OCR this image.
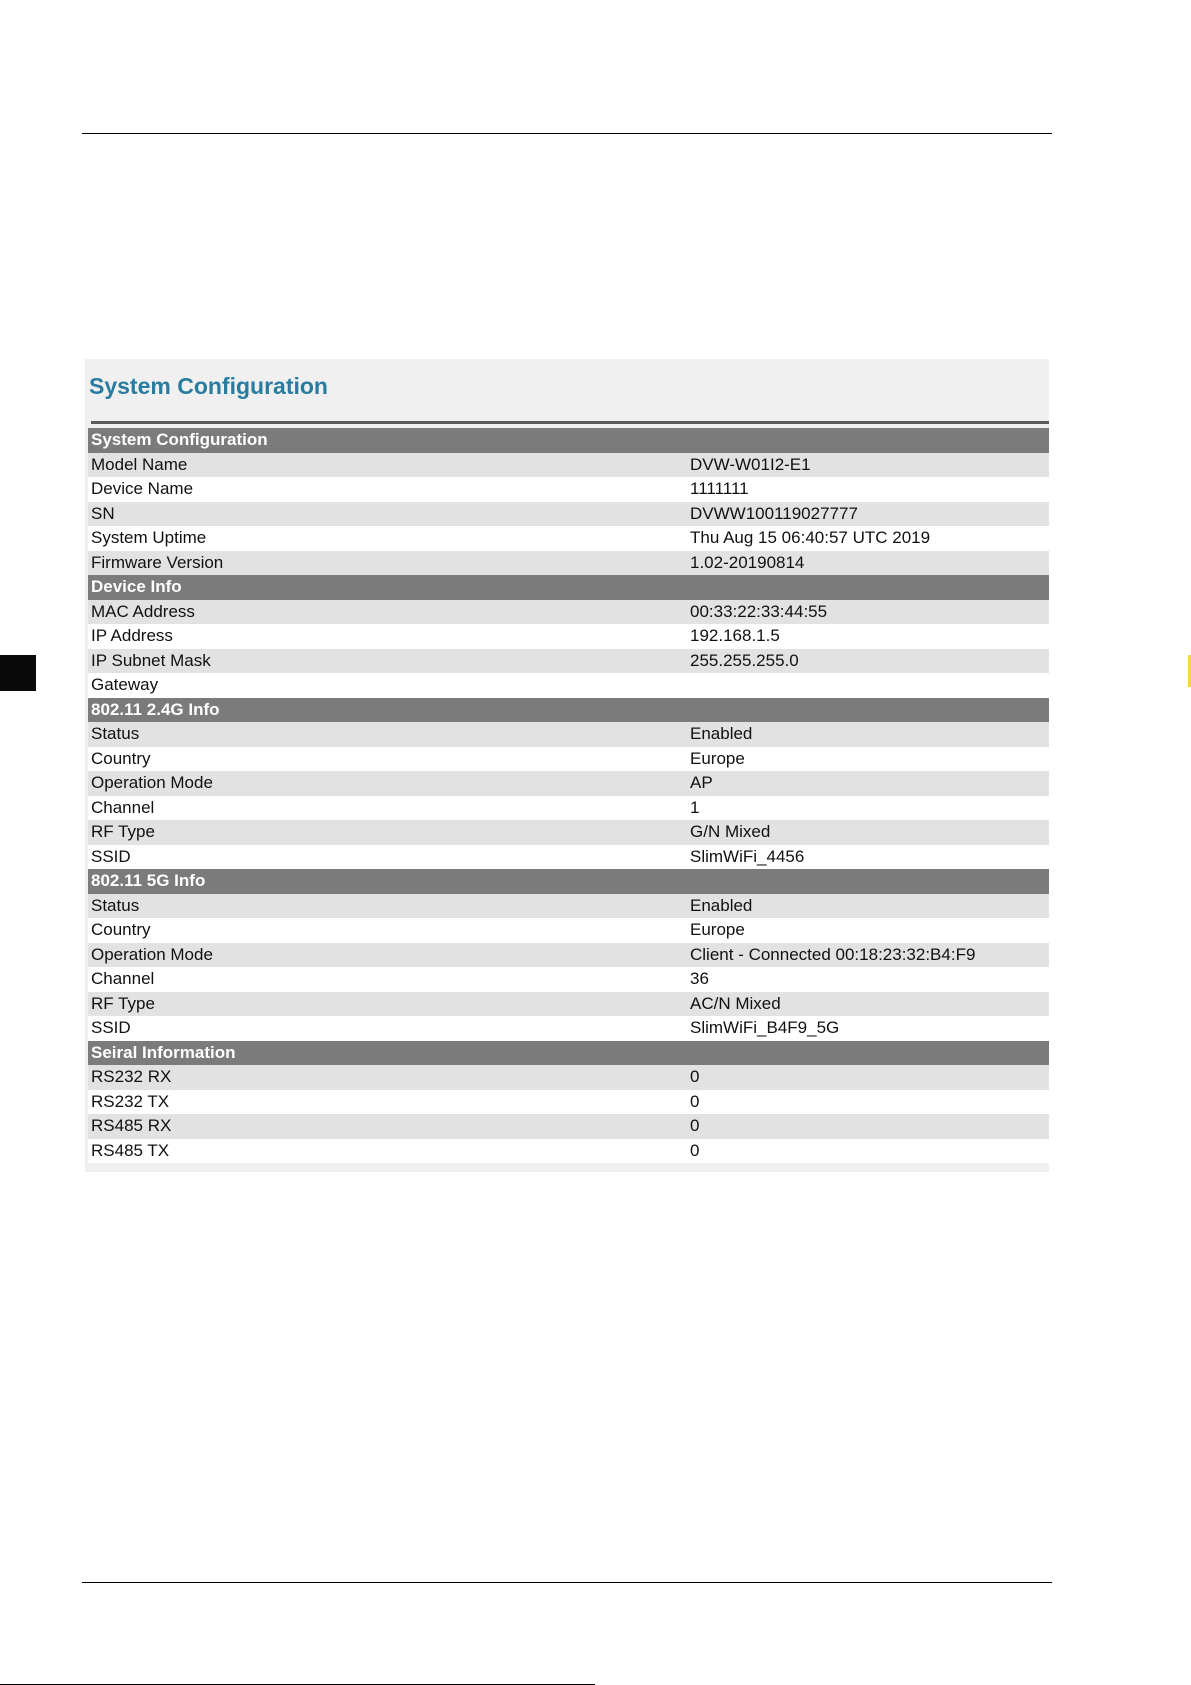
System Configuration
System Configuration
Model Name	DVW-W01I2-E1
Device Name	1111111
SN	DVWW100119027777
System Uptime	Thu Aug 15 06:40:57 UTC 2019
Firmware Version	1.02-20190814
Device Info
MAC Address	00:33:22:33:44:55
IP Address	192.168.1.5
IP Subnet Mask	255.255.255.0
Gateway
802.11 2.4G Info
Status	Enabled
Country	Europe
Operation Mode	AP
Channel	1
RF Type	G/N Mixed
SSID	SlimWiFi_4456
802.11 5G Info
Status	Enabled
Country	Europe
Operation Mode	Client - Connected 00:18:23:32:B4:F9
Channel	36
RF Type	AC/N Mixed
SSID	SlimWiFi_B4F9_5G
Seiral Information
RS232 RX	0
RS232 TX	0
RS485 RX	0
RS485 TX	0
